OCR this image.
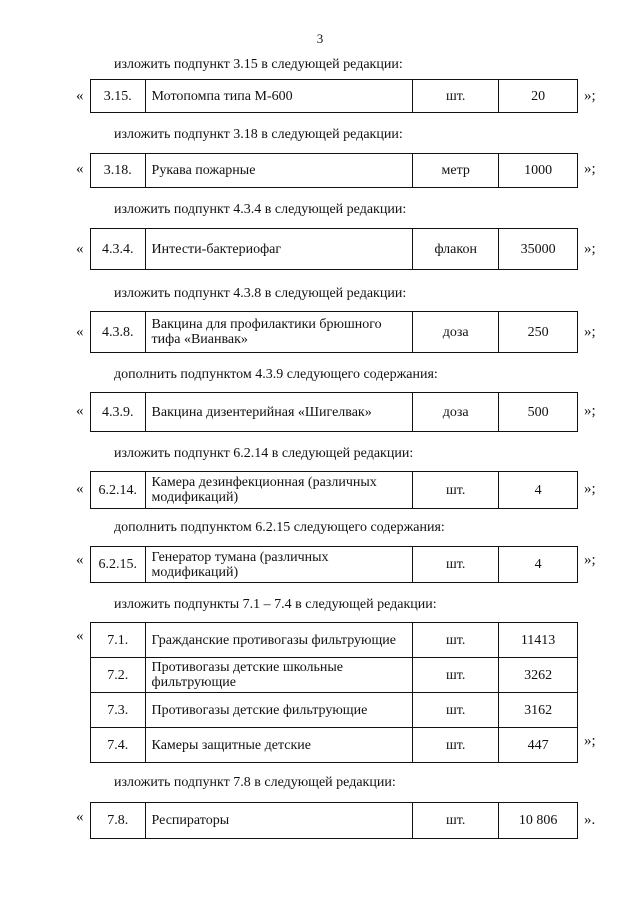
3
изложить подпункт 3.15 в следующей редакции:
« 3.15.	Мотопомпа типа М-600	шт.	20	»;
изложить подпункт 3.18 в следующей редакции:
« 3.18.	Рукава пожарные	метр	1000 »;
изложить подпункт 4.3.4 в следующей редакции:
« 4.3.4.	Интести-бактериофаг	флакон	35000 »;
изложить подпункт 4.3.8 в следующей редакции:
« 4.3.8.	Вакцина для профилактики брюшного тифа «Вианвак»	доза	250 »;
дополнить подпунктом 4.3.9 следующего содержания:
« 4.3.9.	Вакцина дизентерийная «Шигелвак»	доза	500 »;
изложить подпункт 6.2.14 в следующей редакции:
« 6.2.14.	Камера дезинфекционная (различных модификаций)	шт.	4	»;
дополнить подпунктом 6.2.15 следующего содержания:
« 6.2.15.	Генератор тумана (различных модификаций)	шт.	4	»;
изложить подпункты 7.1 – 7.4 в следующей редакции:
« 7.1.	Гражданские противогазы фильтрующие	шт.	11413
7.2.	Противогазы детские школьные фильтрующие	шт.	3262
7.3.	Противогазы детские фильтрующие	шт.	3162
7.4.	Камеры защитные детские	шт.	447 »;
изложить подпункт 7.8 в следующей редакции:
« 7.8.	Респираторы	шт.	10 806 ».
